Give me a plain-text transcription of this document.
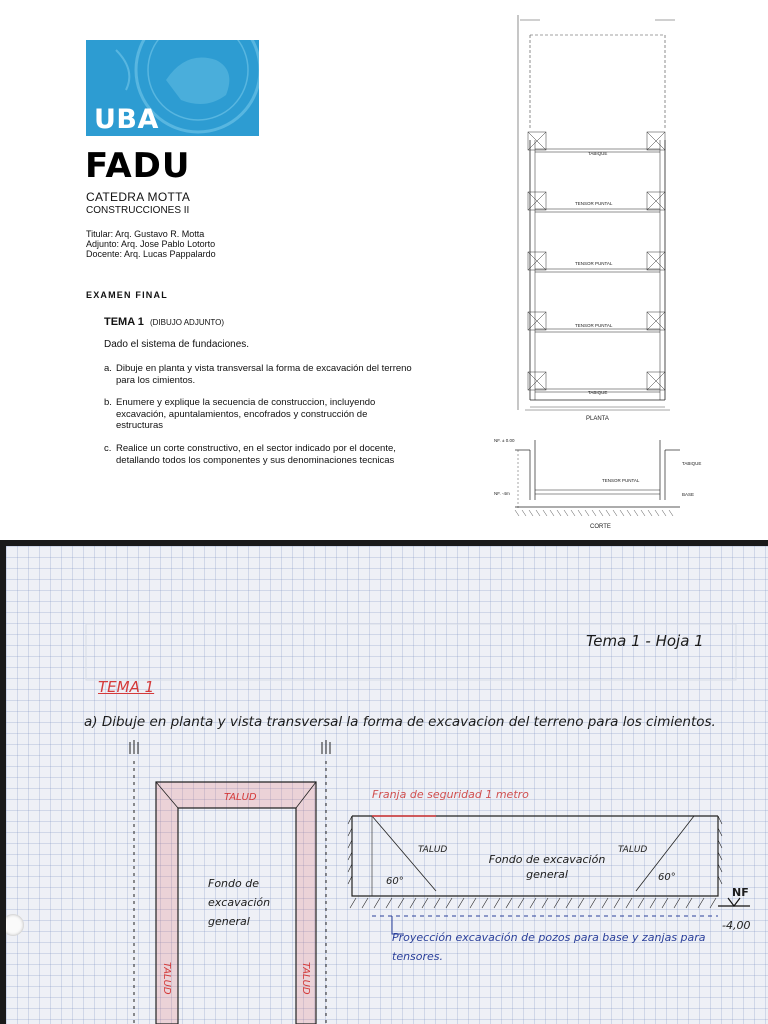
UBA
FADU
CATEDRA MOTTA
CONSTRUCCIONES II
Titular: Arq. Gustavo R. Motta
Adjunto: Arq. Jose Pablo Lotorto
Docente: Arq. Lucas Pappalardo
EXAMEN FINAL
TEMA 1 (DIBUJO ADJUNTO)
Dado el sistema de fundaciones.
a. Dibuje en planta y vista transversal la forma de excavación del terreno para los cimientos.
b. Enumere y explique la secuencia de construccion, incluyendo excavación, apuntalamientos, encofrados y construcción de estructuras
c. Realice un corte constructivo, en el sector indicado por el docente, detallando todos los componentes y sus denominaciones tecnicas
TABIQUE
TENSOR PUNTAL
TENSOR PUNTAL
TENSOR PUNTAL
TABIQUE
PLANTA
NF. ± 0.00
NF. -4m
TENSOR PUNTAL
TABIQUE
BASE
CORTE
TALUD
TALUD	TALUD
TALUD	TALUD
60°	60°
Tema 1 - Hoja 1
TEMA 1
a) Dibuje en planta y vista transversal la forma de excavacion del terreno para los cimientos.
Franja de seguridad 1 metro
Fondo de excavación general
Fondo de excavación general
Proyección excavación de pozos para base y zanjas para tensores.
NF
-4,00
